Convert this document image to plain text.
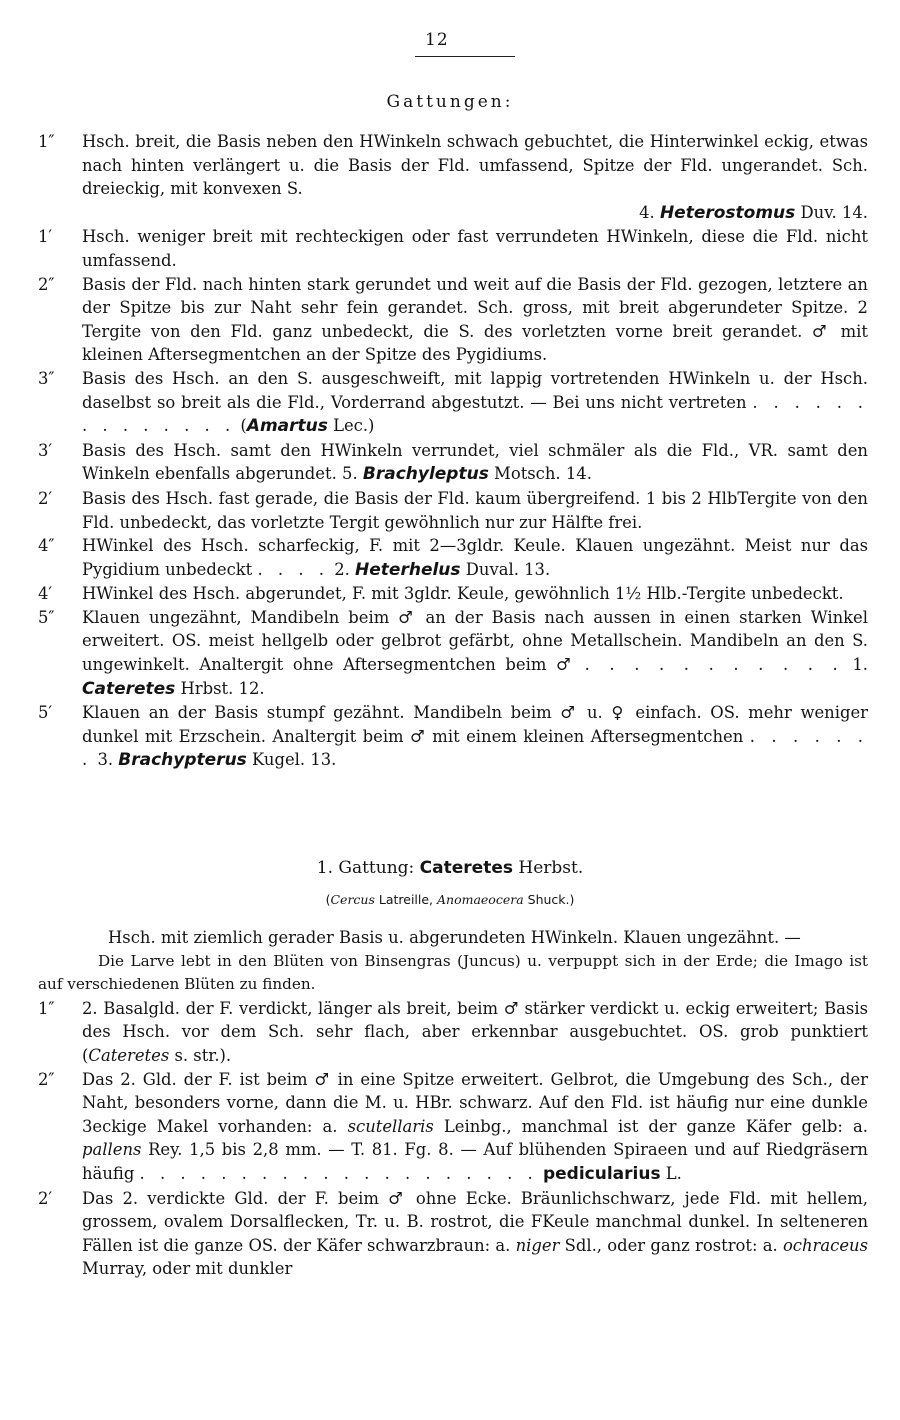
12
Gattungen:
1″	Hsch. breit, die Basis neben den HWinkeln schwach gebuchtet, die Hinterwinkel eckig, etwas nach hinten verlängert u. die Basis der Fld. umfassend, Spitze der Fld. ungerandet. Sch. dreieckig, mit konvexen S.
4. Heterostomus Duv. 14.
1′	Hsch. weniger breit mit rechteckigen oder fast verrundeten HWinkeln, diese die Fld. nicht umfassend.
2″	Basis der Fld. nach hinten stark gerundet und weit auf die Basis der Fld. gezogen, letztere an der Spitze bis zur Naht sehr fein gerandet. Sch. gross, mit breit abgerundeter Spitze. 2 Tergite von den Fld. ganz unbedeckt, die S. des vorletzten vorne breit gerandet. ♂ mit kleinen Aftersegmentchen an der Spitze des Pygidiums.
3″	Basis des Hsch. an den S. ausgeschweift, mit lappig vortretenden HWinkeln u. der Hsch. daselbst so breit als die Fld., Vorderrand abgestutzt. — Bei uns nicht vertreten . . . . . . . . . . . . . . (Amartus Lec.)
3′	Basis des Hsch. samt den HWinkeln verrundet, viel schmäler als die Fld., VR. samt den Winkeln ebenfalls abgerundet. 5. Brachyleptus Motsch. 14.
2′	Basis des Hsch. fast gerade, die Basis der Fld. kaum übergreifend. 1 bis 2 HlbTergite von den Fld. unbedeckt, das vorletzte Tergit gewöhnlich nur zur Hälfte frei.
4″	HWinkel des Hsch. scharfeckig, F. mit 2—3gldr. Keule. Klauen ungezähnt. Meist nur das Pygidium unbedeckt . . . . 2. Heterhelus Duval. 13.
4′	HWinkel des Hsch. abgerundet, F. mit 3gldr. Keule, gewöhnlich 1½ Hlb.-Tergite unbedeckt.
5″	Klauen ungezähnt, Mandibeln beim ♂ an der Basis nach aussen in einen starken Winkel erweitert. OS. meist hellgelb oder gelbrot gefärbt, ohne Metallschein. Mandibeln an den S. ungewinkelt. Analtergit ohne Aftersegmentchen beim ♂ . . . . . . . . . . . 1. Cateretes Hrbst. 12.
5′	Klauen an der Basis stumpf gezähnt. Mandibeln beim ♂ u. ♀ einfach. OS. mehr weniger dunkel mit Erzschein. Analtergit beim ♂ mit einem kleinen Aftersegmentchen . . . . . . . 3. Brachypterus Kugel. 13.
1. Gattung: Cateretes Herbst.
(Cercus Latreille, Anomaeocera Shuck.)
Hsch. mit ziemlich gerader Basis u. abgerundeten HWinkeln. Klauen ungezähnt. —
Die Larve lebt in den Blüten von Binsengras (Juncus) u. verpuppt sich in der Erde; die Imago ist auf verschiedenen Blüten zu finden.
1″	2. Basalgld. der F. verdickt, länger als breit, beim ♂ stärker verdickt u. eckig erweitert; Basis des Hsch. vor dem Sch. sehr flach, aber erkennbar ausgebuchtet. OS. grob punktiert (Cateretes s. str.).
2″	Das 2. Gld. der F. ist beim ♂ in eine Spitze erweitert. Gelbrot, die Umgebung des Sch., der Naht, besonders vorne, dann die M. u. HBr. schwarz. Auf den Fld. ist häufig nur eine dunkle 3eckige Makel vorhanden: a. scutellaris Leinbg., manchmal ist der ganze Käfer gelb: a. pallens Rey. 1,5 bis 2,8 mm. — T. 81. Fg. 8. — Auf blühenden Spiraeen und auf Riedgräsern häufig . . . . . . . . . . . . . . . . . . . . pedicularius L.
2′	Das 2. verdickte Gld. der F. beim ♂ ohne Ecke. Bräunlichschwarz, jede Fld. mit hellem, grossem, ovalem Dorsalflecken, Tr. u. B. rostrot, die FKeule manchmal dunkel. In selteneren Fällen ist die ganze OS. der Käfer schwarzbraun: a. niger Sdl., oder ganz rostrot: a. ochraceus Murray, oder mit dunkler
